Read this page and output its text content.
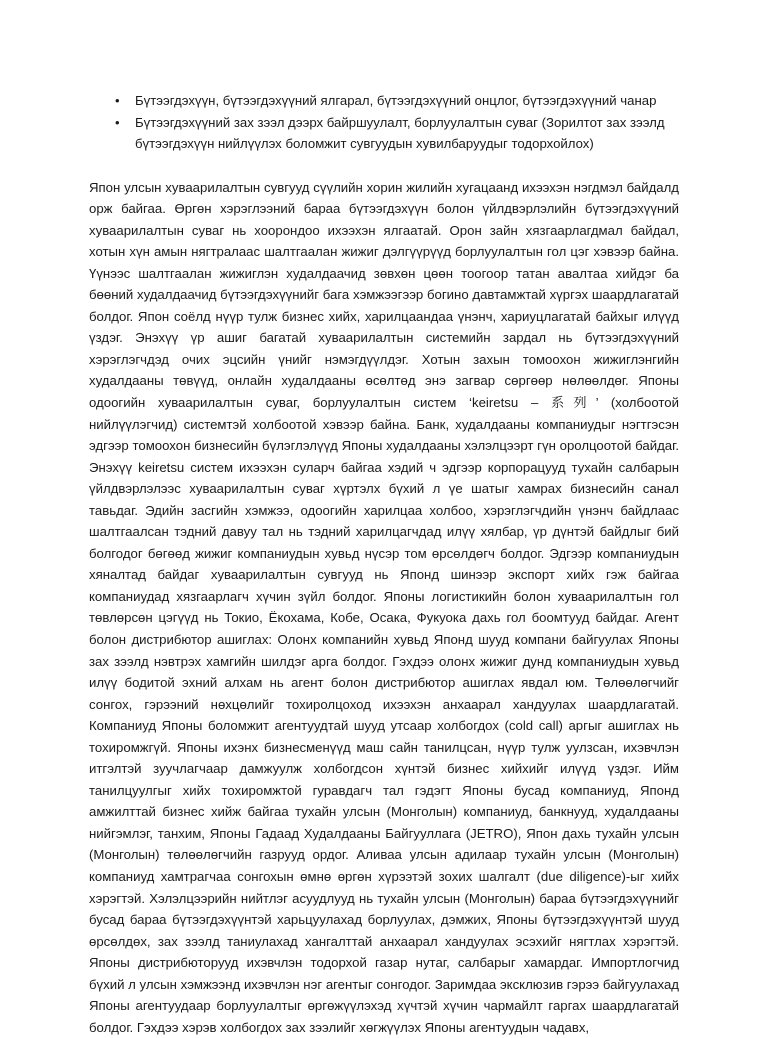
• Бүтээгдэхүүн, бүтээгдэхүүний ялгарал, бүтээгдэхүүний онцлог, бүтээгдэхүүний чанар
• Бүтээгдэхүүний зах зээл дээрх байршуулалт, борлуулалтын суваг (Зорилтот зах зээлд бүтээгдэхүүн нийлүүлэх боломжит сувгуудын хувилбаруудыг тодорхойлох)

Япон улсын хуваарилалтын сувгууд сүүлийн хорин жилийн хугацаанд ихээхэн нэгдмэл байдалд орж байгаа. Өргөн хэрэглээний бараа бүтээгдэхүүн болон үйлдвэрлэлийн бүтээгдэхүүний хуваарилалтын суваг нь хоорондоо ихээхэн ялгаатай. Орон зайн хязгаарлагдмал байдал, хотын хүн амын нягтралаас шалтгаалан жижиг дэлгүүрүүд борлуулалтын гол цэг хэвээр байна. Үүнээс шалтгаалан жижиглэн худалдаачид зөвхөн цөөн тоогоор татан авалтаа хийдэг ба бөөний худалдаачид бүтээгдэхүүнийг бага хэмжээгээр богино давтамжтай хүргэх шаардлагатай болдог. Япон соёлд нүүр тулж бизнес хийх, харилцаандаа үнэнч, хариуцлагатай байхыг илүүд үздэг. Энэхүү үр ашиг багатай хуваарилалтын системийн зардал нь бүтээгдэхүүний хэрэглэгчдэд очих эцсийн үнийг нэмэгдүүлдэг. Хотын захын томоохон жижиглэнгийн худалдааны төвүүд, онлайн худалдааны өсөлтөд энэ загвар сөргөөр нөлөөлдөг. Японы одоогийн хуваарилалтын суваг, борлуулалтын систем ‘keiretsu – 系列’ (холбоотой нийлүүлэгчид) системтэй холбоотой хэвээр байна. Банк, худалдааны компаниудыг нэгтгэсэн эдгээр томоохон бизнесийн бүлэглэлүүд Японы худалдааны хэлэлцээрт гүн оролцоотой байдаг. Энэхүү keiretsu систем ихээхэн суларч байгаа хэдий ч эдгээр корпорацууд тухайн салбарын үйлдвэрлэлээс хуваарилалтын суваг хүртэлх бүхий л үе шатыг хамрах бизнесийн санал тавьдаг. Эдийн засгийн хэмжээ, одоогийн харилцаа холбоо, хэрэглэгчдийн үнэнч байдлаас шалтгаалсан тэдний давуу тал нь тэдний харилцагчдад илүү хялбар, үр дүнтэй байдлыг бий болгодог бөгөөд жижиг компаниудын хувьд нүсэр том өрсөлдөгч болдог. Эдгээр компаниудын хяналтад байдаг хуваарилалтын сувгууд нь Японд шинээр экспорт хийх гэж байгаа компаниудад хязгаарлагч хүчин зүйл болдог. Японы логистикийн болон хуваарилалтын гол төвлөрсөн цэгүүд нь Токио, Ёкохама, Кобе, Осака, Фукуока дахь гол боомтууд байдаг. Агент болон дистрибютор ашиглах: Олонх компанийн хувьд Японд шууд компани байгуулах Японы зах зээлд нэвтрэх хамгийн шилдэг арга болдог. Гэхдээ олонх жижиг дунд компаниудын хувьд илүү бодитой эхний алхам нь агент болон дистрибютор ашиглах явдал юм. Төлөөлөгчийг сонгох, гэрээний нөхцөлийг тохиролцоход ихээхэн анхаарал хандуулах шаардлагатай. Компаниуд Японы боломжит агентуудтай шууд утсаар холбогдох (cold call) аргыг ашиглах нь тохиромжгүй. Японы ихэнх бизнесменүүд маш сайн танилцсан, нүүр тулж уулзсан, ихэвчлэн итгэлтэй зуучлагчаар дамжуулж холбогдсон хүнтэй бизнес хийхийг илүүд үздэг. Ийм танилцуулгыг хийх тохиромжтой гуравдагч тал гэдэгт Японы бусад компаниуд, Японд амжилттай бизнес хийж байгаа тухайн улсын (Монголын) компаниуд, банкнууд, худалдааны нийгэмлэг, танхим, Японы Гадаад Худалдааны Байгууллага (JETRO), Япон дахь тухайн улсын (Монголын) төлөөлөгчийн газрууд ордог. Аливаа улсын адилаар тухайн улсын (Монголын) компаниуд хамтрагчаа сонгохын өмнө өргөн хүрээтэй зохих шалгалт (due diligence)-ыг хийх хэрэгтэй. Хэлэлцээрийн нийтлэг асуудлууд нь тухайн улсын (Монголын) бараа бүтээгдэхүүнийг бусад бараа бүтээгдэхүүнтэй харьцуулахад борлуулах, дэмжих, Японы бүтээгдэхүүнтэй шууд өрсөлдөх, зах зээлд таниулахад хангалттай анхаарал хандуулах эсэхийг нягтлах хэрэгтэй. Японы дистрибюторууд ихэвчлэн тодорхой газар нутаг, салбарыг хамардаг. Импортлогчид бүхий л улсын хэмжээнд ихэвчлэн нэг агентыг сонгодог. Заримдаа эксклюзив гэрээ байгуулахад Японы агентуудаар борлуулалтыг өргөжүүлэхэд хүчтэй хүчин чармайлт гаргах шаардлагатай болдог. Гэхдээ хэрэв холбогдох зах зээлийг хөгжүүлэх Японы агентуудын чадавх,
